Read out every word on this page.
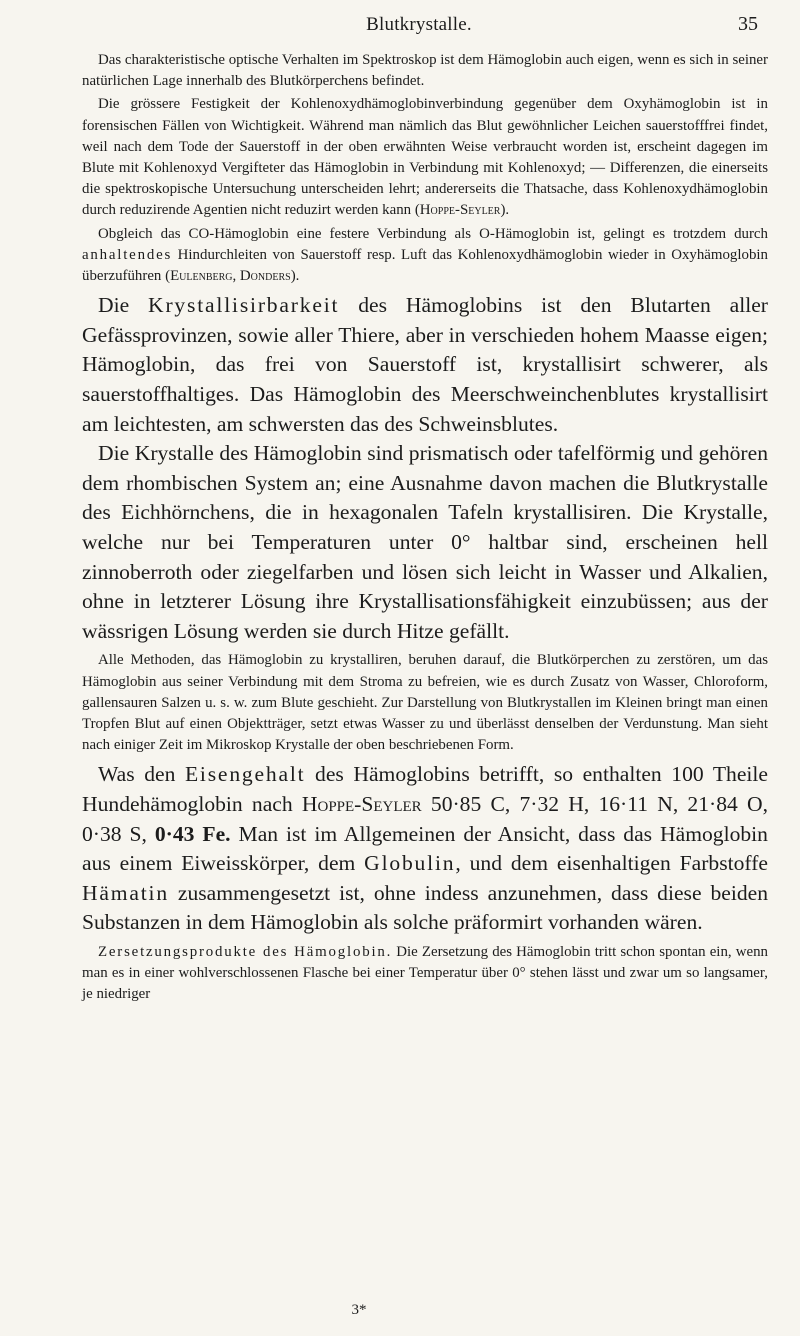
Blutkrystalle.	35

Das charakteristische optische Verhalten im Spektroskop ist dem Hämoglobin auch eigen, wenn es sich in seiner natürlichen Lage innerhalb des Blutkörperchens befindet.

Die grössere Festigkeit der Kohlenoxydhämoglobinverbindung gegenüber dem Oxyhämoglobin ist in forensischen Fällen von Wichtigkeit. Während man nämlich das Blut gewöhnlicher Leichen sauerstofffrei findet, weil nach dem Tode der Sauerstoff in der oben erwähnten Weise verbraucht worden ist, erscheint dagegen im Blute mit Kohlenoxyd Vergifteter das Hämoglobin in Verbindung mit Kohlenoxyd; — Differenzen, die einerseits die spektroskopische Untersuchung unterscheiden lehrt; andererseits die Thatsache, dass Kohlenoxydhämoglobin durch reduzirende Agentien nicht reduzirt werden kann (Hoppe-Seyler).

Obgleich das CO-Hämoglobin eine festere Verbindung als O-Hämoglobin ist, gelingt es trotzdem durch anhaltendes Hindurchleiten von Sauerstoff resp. Luft das Kohlenoxydhämoglobin wieder in Oxyhämoglobin überzuführen (Eulenberg, Donders).

Die Krystallisirbarkeit des Hämoglobins ist den Blutarten aller Gefässprovinzen, sowie aller Thiere, aber in verschieden hohem Maasse eigen; Hämoglobin, das frei von Sauerstoff ist, krystallisirt schwerer, als sauerstoffhaltiges. Das Hämoglobin des Meerschweinchenblutes krystallisirt am leichtesten, am schwersten das des Schweinsblutes.

Die Krystalle des Hämoglobin sind prismatisch oder tafelförmig und gehören dem rhombischen System an; eine Ausnahme davon machen die Blutkrystalle des Eichhörnchens, die in hexagonalen Tafeln krystallisiren. Die Krystalle, welche nur bei Temperaturen unter 0° haltbar sind, erscheinen hell zinnoberroth oder ziegelfarben und lösen sich leicht in Wasser und Alkalien, ohne in letzterer Lösung ihre Krystallisationsfähigkeit einzubüssen; aus der wässrigen Lösung werden sie durch Hitze gefällt.

Alle Methoden, das Hämoglobin zu krystalliren, beruhen darauf, die Blutkörperchen zu zerstören, um das Hämoglobin aus seiner Verbindung mit dem Stroma zu befreien, wie es durch Zusatz von Wasser, Chloroform, gallensauren Salzen u. s. w. zum Blute geschieht. Zur Darstellung von Blutkrystallen im Kleinen bringt man einen Tropfen Blut auf einen Objektträger, setzt etwas Wasser zu und überlässt denselben der Verdunstung. Man sieht nach einiger Zeit im Mikroskop Krystalle der oben beschriebenen Form.

Was den Eisengehalt des Hämoglobins betrifft, so enthalten 100 Theile Hundehämoglobin nach Hoppe-Seyler 50·85 C, 7·32 H, 16·11 N, 21·84 O, 0·38 S, 0·43 Fe. Man ist im Allgemeinen der Ansicht, dass das Hämoglobin aus einem Eiweisskörper, dem Globulin, und dem eisenhaltigen Farbstoffe Hämatin zusammengesetzt ist, ohne indess anzunehmen, dass diese beiden Substanzen in dem Hämoglobin als solche präformirt vorhanden wären.

Zersetzungsprodukte des Hämoglobin. Die Zersetzung des Hämoglobin tritt schon spontan ein, wenn man es in einer wohlverschlossenen Flasche bei einer Temperatur über 0° stehen lässt und zwar um so langsamer, je niedriger

3*
